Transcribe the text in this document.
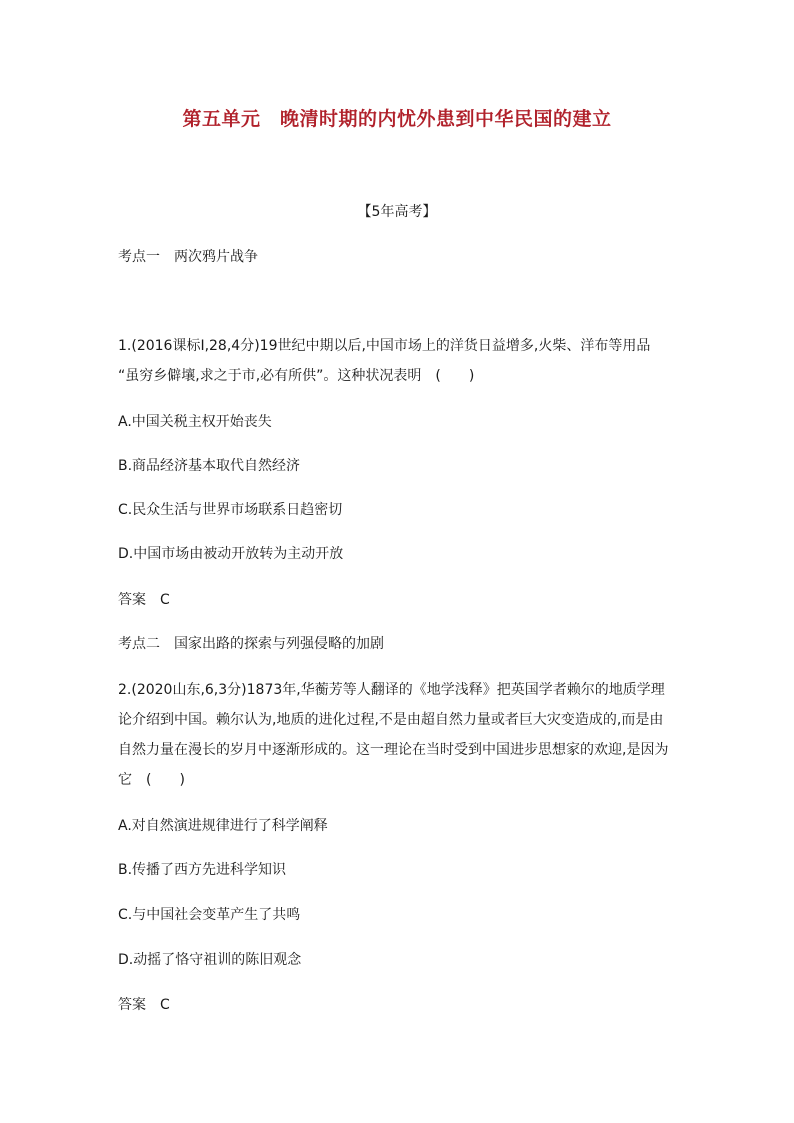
第五单元　晚清时期的内忧外患到中华民国的建立
【5年高考】
考点一　两次鸦片战争
1.(2016课标Ⅰ,28,4分)19世纪中期以后,中国市场上的洋货日益增多,火柴、洋布等用品
“虽穷乡僻壤,求之于市,必有所供”。这种状况表明　(　　)
A.中国关税主权开始丧失
B.商品经济基本取代自然经济
C.民众生活与世界市场联系日趋密切
D.中国市场由被动开放转为主动开放
答案　C
考点二　国家出路的探索与列强侵略的加剧
2.(2020山东,6,3分)1873年,华蘅芳等人翻译的《地学浅释》把英国学者赖尔的地质学理
论介绍到中国。赖尔认为,地质的进化过程,不是由超自然力量或者巨大灾变造成的,而是由
自然力量在漫长的岁月中逐渐形成的。这一理论在当时受到中国进步思想家的欢迎,是因为
它　(　　)
A.对自然演进规律进行了科学阐释
B.传播了西方先进科学知识
C.与中国社会变革产生了共鸣
D.动摇了恪守祖训的陈旧观念
答案　C
